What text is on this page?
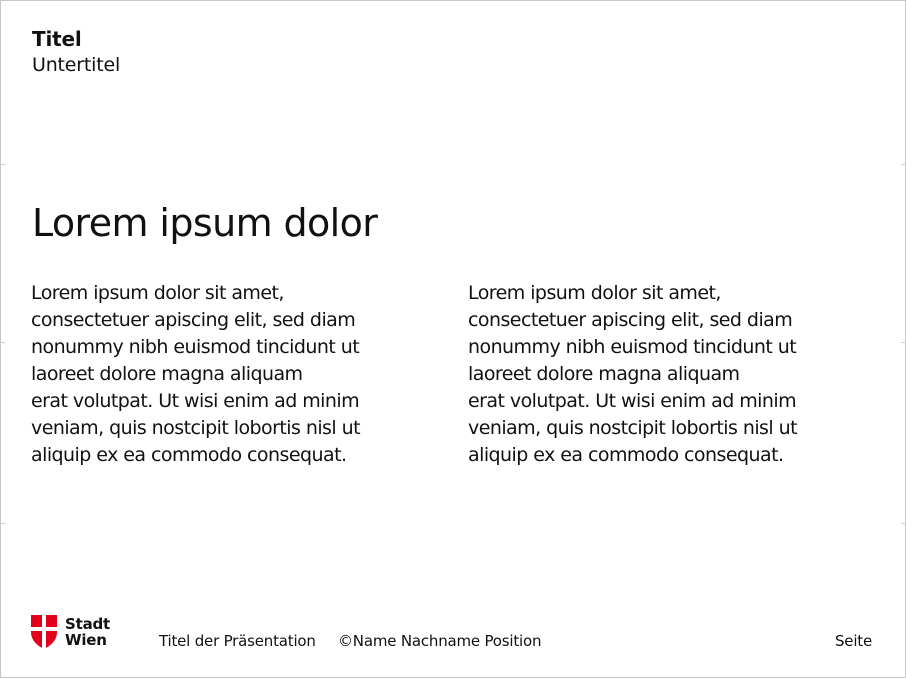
Titel
Untertitel
Lorem ipsum dolor
Lorem ipsum dolor sit amet,
consectetuer apiscing elit, sed diam
nonummy nibh euismod tincidunt ut
laoreet dolore magna aliquam
erat volutpat. Ut wisi enim ad minim
veniam, quis nostcipit lobortis nisl ut
aliquip ex ea commodo consequat.
Lorem ipsum dolor sit amet,
consectetuer apiscing elit, sed diam
nonummy nibh euismod tincidunt ut
laoreet dolore magna aliquam
erat volutpat. Ut wisi enim ad minim
veniam, quis nostcipit lobortis nisl ut
aliquip ex ea commodo consequat.
Stadt
Wien	Titel der Präsentation ©Name Nachname Position	Seite
